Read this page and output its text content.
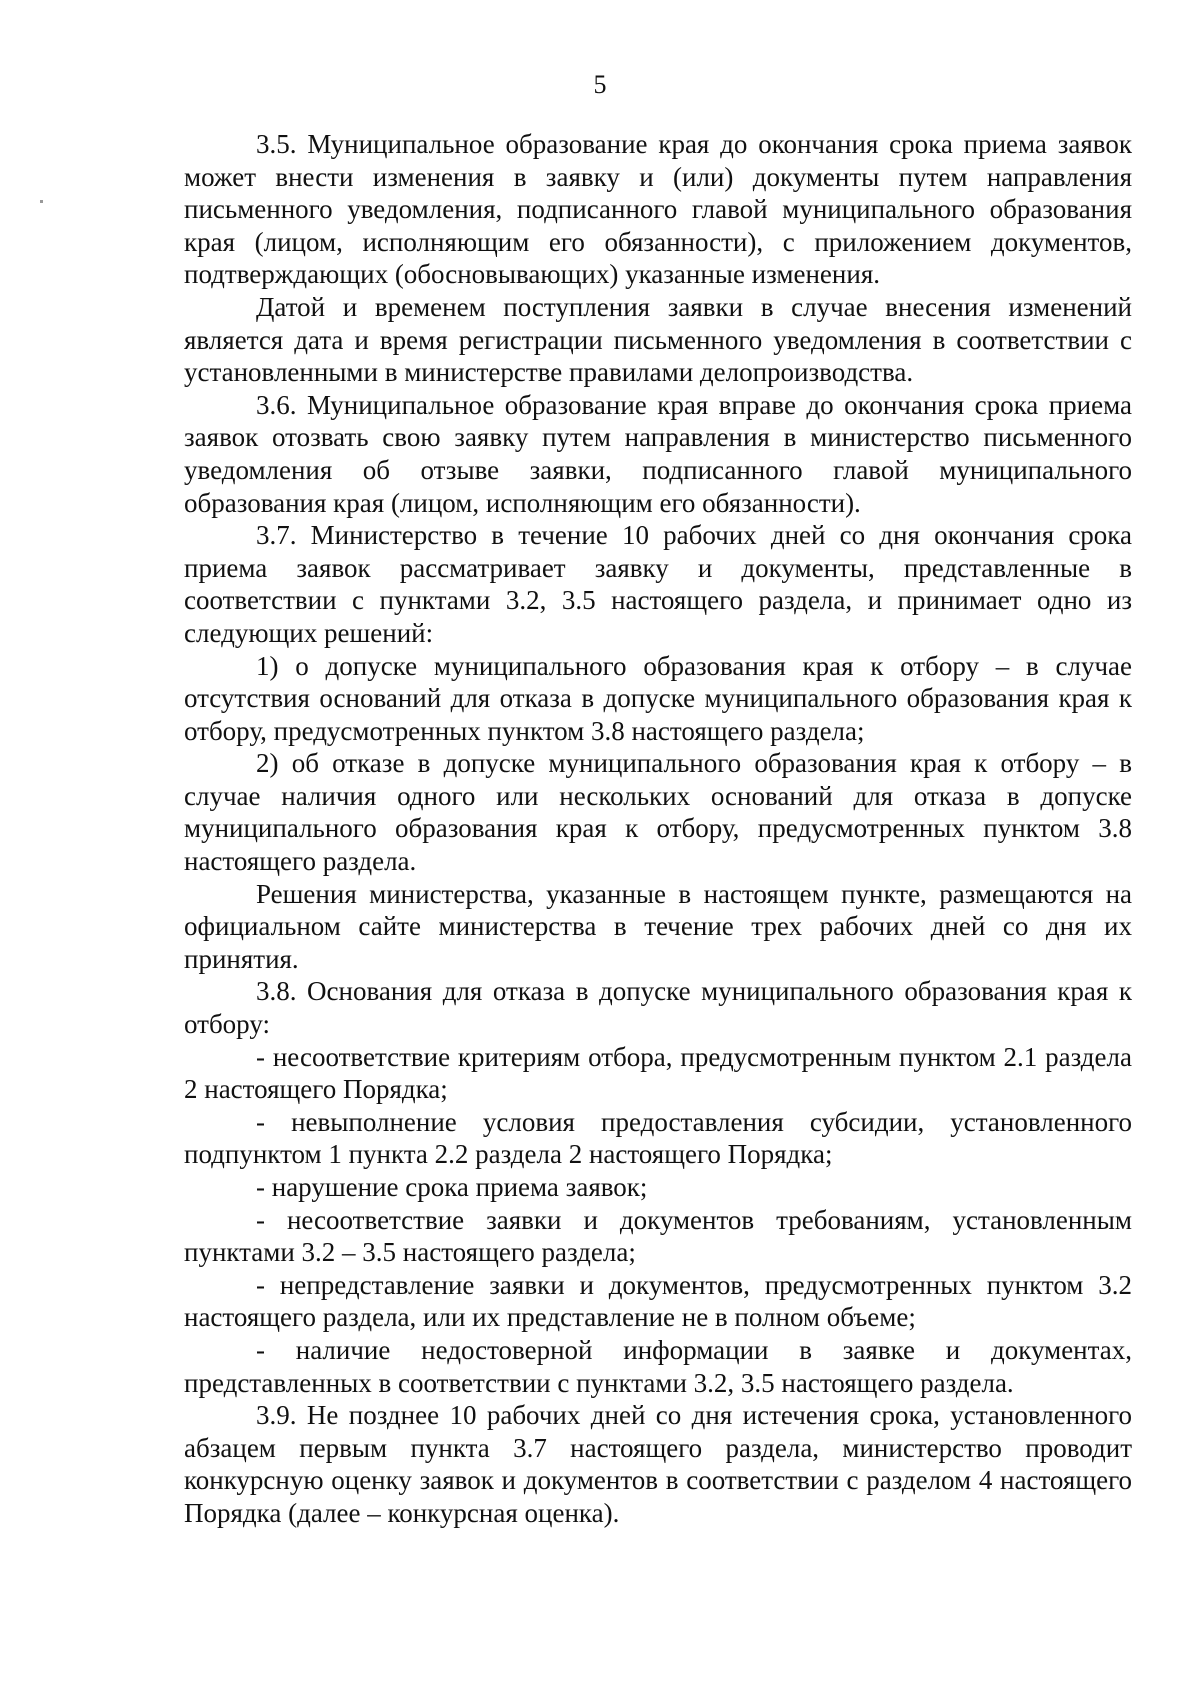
5

3.5. Муниципальное образование края до окончания срока приема заявок может внести изменения в заявку и (или) документы путем направления письменного уведомления, подписанного главой муниципального образования края (лицом, исполняющим его обязанности), с приложением документов, подтверждающих (обосновывающих) указанные изменения.

Датой и временем поступления заявки в случае внесения изменений является дата и время регистрации письменного уведомления в соответствии с установленными в министерстве правилами делопроизводства.

3.6. Муниципальное образование края вправе до окончания срока приема заявок отозвать свою заявку путем направления в министерство письменного уведомления об отзыве заявки, подписанного главой муниципального образования края (лицом, исполняющим его обязанности).

3.7. Министерство в течение 10 рабочих дней со дня окончания срока приема заявок рассматривает заявку и документы, представленные в соответствии с пунктами 3.2, 3.5 настоящего раздела, и принимает одно из следующих решений:

1) о допуске муниципального образования края к отбору – в случае отсутствия оснований для отказа в допуске муниципального образования края к отбору, предусмотренных пунктом 3.8 настоящего раздела;

2) об отказе в допуске муниципального образования края к отбору – в случае наличия одного или нескольких оснований для отказа в допуске муниципального образования края к отбору, предусмотренных пунктом 3.8 настоящего раздела.

Решения министерства, указанные в настоящем пункте, размещаются на официальном сайте министерства в течение трех рабочих дней со дня их принятия.

3.8. Основания для отказа в допуске муниципального образования края к отбору:

- несоответствие критериям отбора, предусмотренным пунктом 2.1 раздела 2 настоящего Порядка;

- невыполнение условия предоставления субсидии, установленного подпунктом 1 пункта 2.2 раздела 2 настоящего Порядка;

- нарушение срока приема заявок;

- несоответствие заявки и документов требованиям, установленным пунктами 3.2 – 3.5 настоящего раздела;

- непредставление заявки и документов, предусмотренных пунктом 3.2 настоящего раздела, или их представление не в полном объеме;

- наличие недостоверной информации в заявке и документах, представленных в соответствии с пунктами 3.2, 3.5 настоящего раздела.

3.9. Не позднее 10 рабочих дней со дня истечения срока, установленного абзацем первым пункта 3.7 настоящего раздела, министерство проводит конкурсную оценку заявок и документов в соответствии с разделом 4 настоящего Порядка (далее – конкурсная оценка).
